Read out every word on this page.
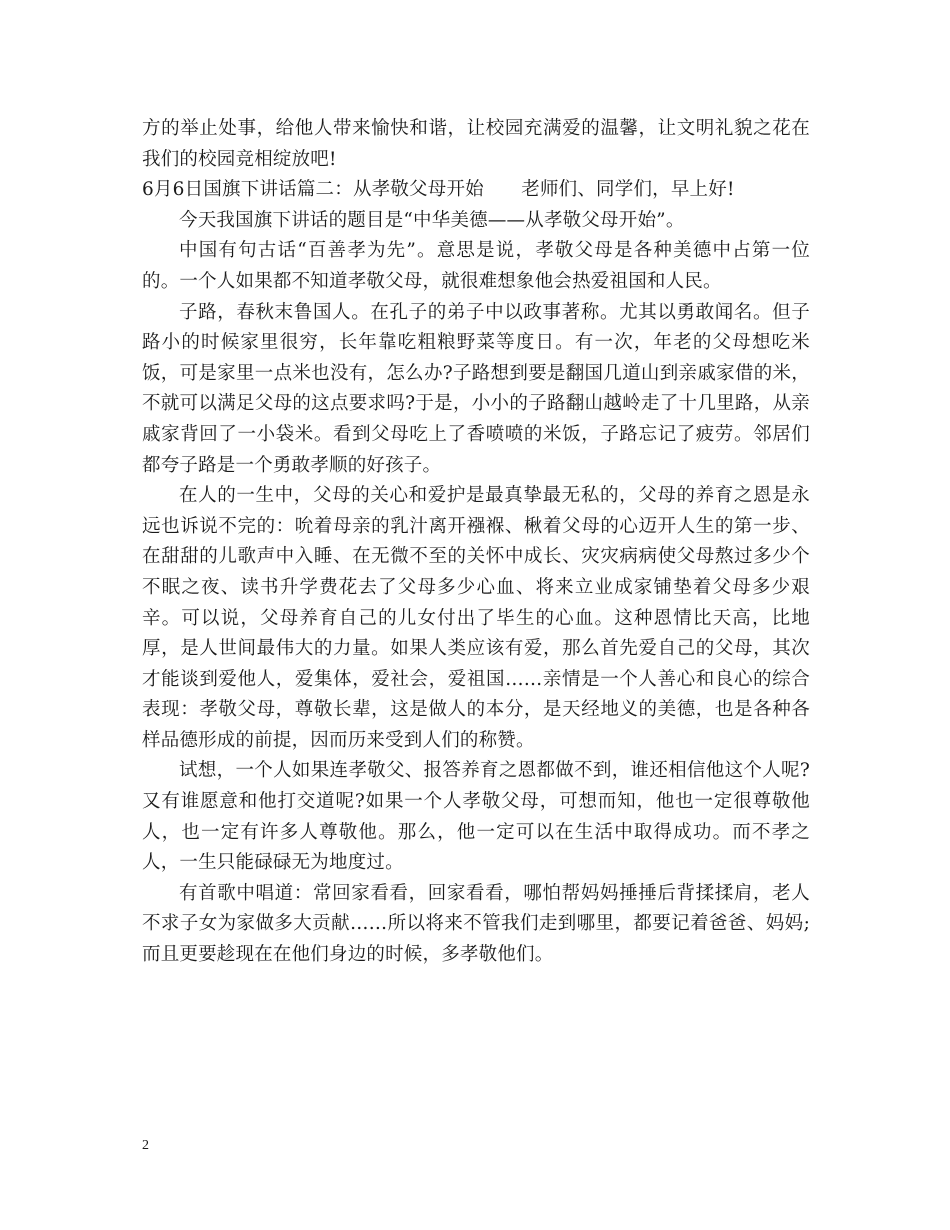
方的举止处事，给他人带来愉快和谐，让校园充满爱的温馨，让文明礼貌之花在我们的校园竞相绽放吧!

6月6日国旗下讲话篇二：从孝敬父母开始　　老师们、同学们，早上好!

今天我国旗下讲话的题目是“中华美德——从孝敬父母开始”。

中国有句古话“百善孝为先”。意思是说，孝敬父母是各种美德中占第一位的。一个人如果都不知道孝敬父母，就很难想象他会热爱祖国和人民。

子路，春秋末鲁国人。在孔子的弟子中以政事著称。尤其以勇敢闻名。但子路小的时候家里很穷，长年靠吃粗粮野菜等度日。有一次，年老的父母想吃米饭，可是家里一点米也没有，怎么办?子路想到要是翻国几道山到亲戚家借的米，不就可以满足父母的这点要求吗?于是，小小的子路翻山越岭走了十几里路，从亲戚家背回了一小袋米。看到父母吃上了香喷喷的米饭，子路忘记了疲劳。邻居们都夸子路是一个勇敢孝顺的好孩子。

在人的一生中，父母的关心和爱护是最真挚最无私的，父母的养育之恩是永远也诉说不完的：吮着母亲的乳汁离开襁褓、楸着父母的心迈开人生的第一步、在甜甜的儿歌声中入睡、在无微不至的关怀中成长、灾灾病病使父母熬过多少个不眠之夜、读书升学费花去了父母多少心血、将来立业成家铺垫着父母多少艰辛。可以说，父母养育自己的儿女付出了毕生的心血。这种恩情比天高，比地厚，是人世间最伟大的力量。如果人类应该有爱，那么首先爱自己的父母，其次才能谈到爱他人，爱集体，爱社会，爱祖国……亲情是一个人善心和良心的综合表现：孝敬父母，尊敬长辈，这是做人的本分，是天经地义的美德，也是各种各样品德形成的前提，因而历来受到人们的称赞。

试想，一个人如果连孝敬父、报答养育之恩都做不到，谁还相信他这个人呢?又有谁愿意和他打交道呢?如果一个人孝敬父母，可想而知，他也一定很尊敬他人，也一定有许多人尊敬他。那么，他一定可以在生活中取得成功。而不孝之人，一生只能碌碌无为地度过。

有首歌中唱道：常回家看看，回家看看，哪怕帮妈妈捶捶后背揉揉肩，老人不求子女为家做多大贡献……所以将来不管我们走到哪里，都要记着爸爸、妈妈;而且更要趁现在在他们身边的时候，多孝敬他们。

2
